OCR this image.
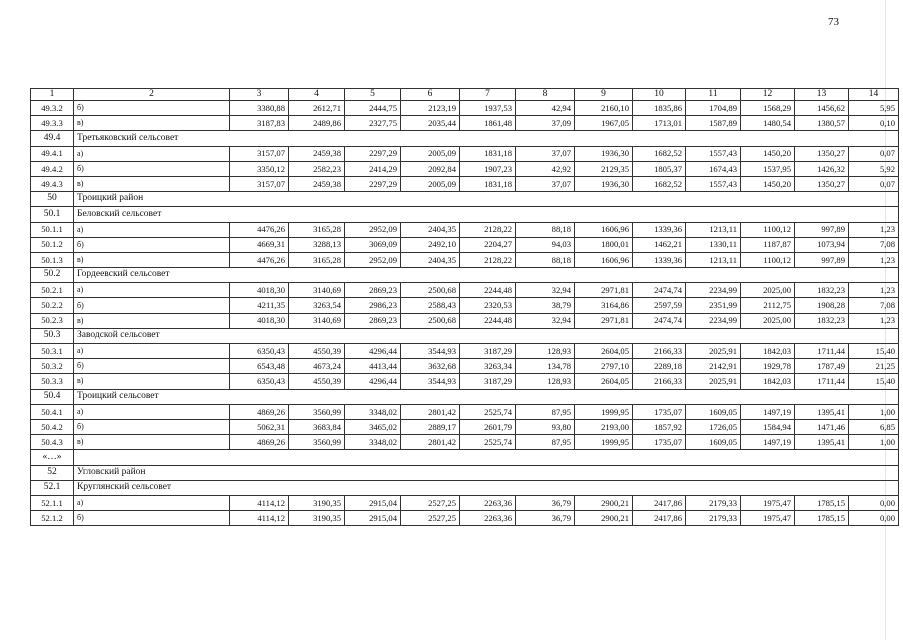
73
1	2	3	4	5	6	7	8	9	10	11	12	13	14
49.3.2	б)	3380,88	2612,71	2444,75	2123,19	1937,53	42,94	2160,10	1835,86	1704,89	1568,29	1456,62	5,95
49.3.3	в)	3187,83	2489,86	2327,75	2035,44	1861,48	37,09	1967,05	1713,01	1587,89	1480,54	1380,57	0,10
49.4	Третьяковский сельсовет												
49.4.1	а)	3157,07	2459,38	2297,29	2005,09	1831,18	37,07	1936,30	1682,52	1557,43	1450,20	1350,27	0,07
49.4.2	б)	3350,12	2582,23	2414,29	2092,84	1907,23	42,92	2129,35	1805,37	1674,43	1537,95	1426,32	5,92
49.4.3	в)	3157,07	2459,38	2297,29	2005,09	1831,18	37,07	1936,30	1682,52	1557,43	1450,20	1350,27	0,07
50	Троицкий район												
50.1	Беловский сельсовет												
50.1.1	а)	4476,26	3165,28	2952,09	2404,35	2128,22	88,18	1606,96	1339,36	1213,11	1100,12	997,89	1,23
50.1.2	б)	4669,31	3288,13	3069,09	2492,10	2204,27	94,03	1800,01	1462,21	1330,11	1187,87	1073,94	7,08
50.1.3	в)	4476,26	3165,28	2952,09	2404,35	2128,22	88,18	1606,96	1339,36	1213,11	1100,12	997,89	1,23
50.2	Гордеевский сельсовет												
50.2.1	а)	4018,30	3140,69	2869,23	2500,68	2244,48	32,94	2971,81	2474,74	2234,99	2025,00	1832,23	1,23
50.2.2	б)	4211,35	3263,54	2986,23	2588,43	2320,53	38,79	3164,86	2597,59	2351,99	2112,75	1908,28	7,08
50.2.3	в)	4018,30	3140,69	2869,23	2500,68	2244,48	32,94	2971,81	2474,74	2234,99	2025,00	1832,23	1,23
50.3	Заводской сельсовет												
50.3.1	а)	6350,43	4550,39	4296,44	3544,93	3187,29	128,93	2604,05	2166,33	2025,91	1842,03	1711,44	15,40
50.3.2	б)	6543,48	4673,24	4413,44	3632,68	3263,34	134,78	2797,10	2289,18	2142,91	1929,78	1787,49	21,25
50.3.3	в)	6350,43	4550,39	4296,44	3544,93	3187,29	128,93	2604,05	2166,33	2025,91	1842,03	1711,44	15,40
50.4	Троицкий сельсовет												
50.4.1	а)	4869,26	3560,99	3348,02	2801,42	2525,74	87,95	1999,95	1735,07	1609,05	1497,19	1395,41	1,00
50.4.2	б)	5062,31	3683,84	3465,02	2889,17	2601,79	93,80	2193,00	1857,92	1726,05	1584,94	1471,46	6,85
50.4.3	в)	4869,26	3560,99	3348,02	2801,42	2525,74	87,95	1999,95	1735,07	1609,05	1497,19	1395,41	1,00
«…»													
52	Угловский район												
52.1	Круглянский сельсовет												
52.1.1	а)	4114,12	3190,35	2915,04	2527,25	2263,36	36,79	2900,21	2417,86	2179,33	1975,47	1785,15	0,00
52.1.2	б)	4114,12	3190,35	2915,04	2527,25	2263,36	36,79	2900,21	2417,86	2179,33	1975,47	1785,15	0,00
